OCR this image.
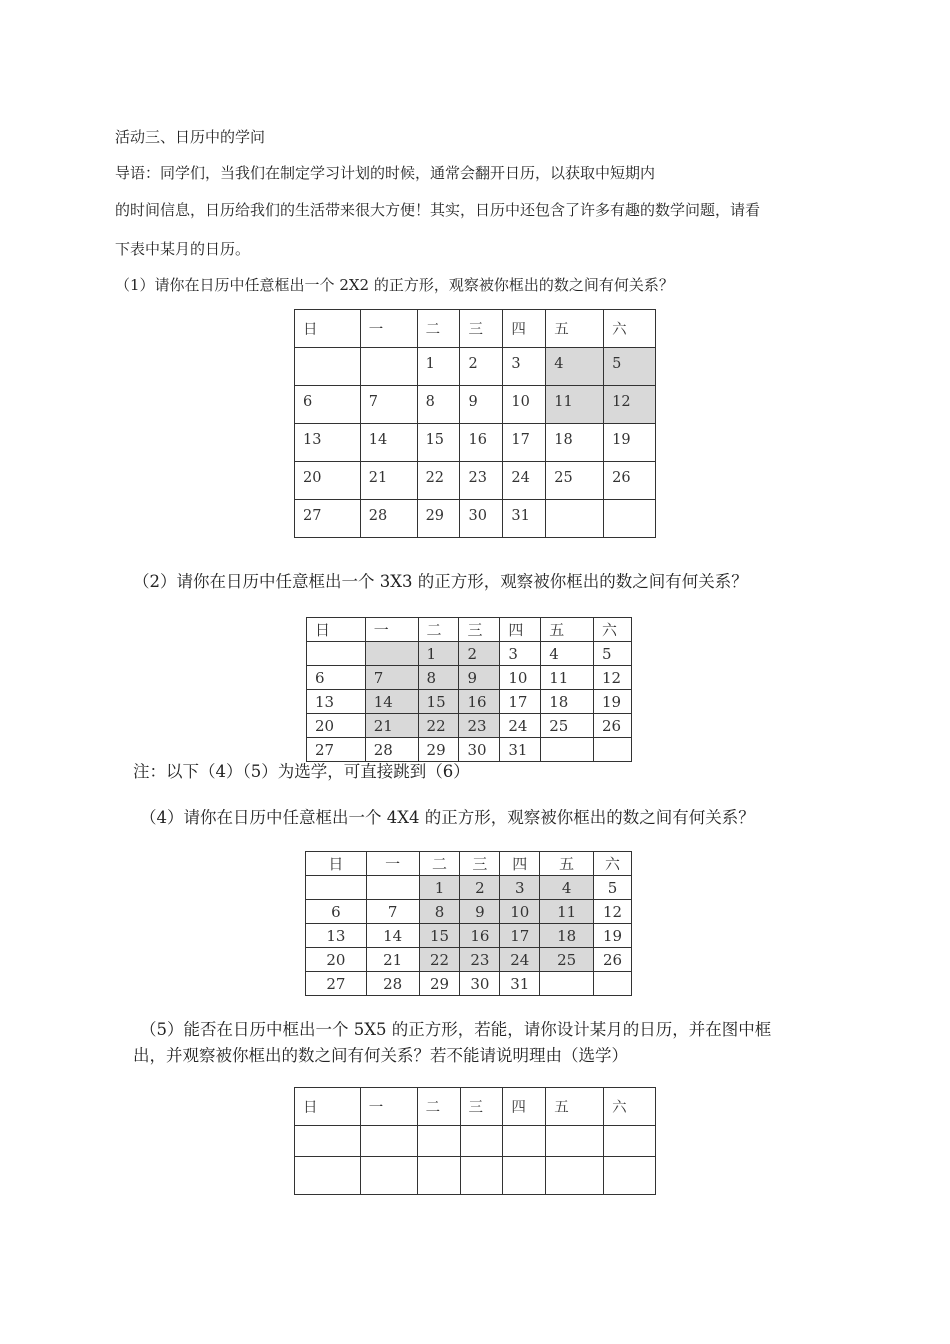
活动三、日历中的学问
导语：同学们，当我们在制定学习计划的时候，通常会翻开日历，以获取中短期内
的时间信息，日历给我们的生活带来很大方便！其实，日历中还包含了许多有趣的数学问题，请看
下表中某月的日历。
（1）请你在日历中任意框出一个 2X2 的正方形，观察被你框出的数之间有何关系？
日	一	二	三	四	五	六
		1	2	3	4	5
6	7	8	9	10	11	12
13	14	15	16	17	18	19
20	21	22	23	24	25	26
27	28	29	30	31		
（2）请你在日历中任意框出一个 3X3 的正方形，观察被你框出的数之间有何关系？
日	一	二	三	四	五	六
		1	2	3	4	5
6	7	8	9	10	11	12
13	14	15	16	17	18	19
20	21	22	23	24	25	26
27	28	29	30	31		
注：以下（4）（5）为选学，可直接跳到（6）
（4）请你在日历中任意框出一个 4X4 的正方形，观察被你框出的数之间有何关系？
日	一	二	三	四	五	六
		1	2	3	4	5
6	7	8	9	10	11	12
13	14	15	16	17	18	19
20	21	22	23	24	25	26
27	28	29	30	31		
（5）能否在日历中框出一个 5X5 的正方形，若能，请你设计某月的日历，并在图中框
出，并观察被你框出的数之间有何关系？若不能请说明理由（选学）
日	一	二	三	四	五	六
